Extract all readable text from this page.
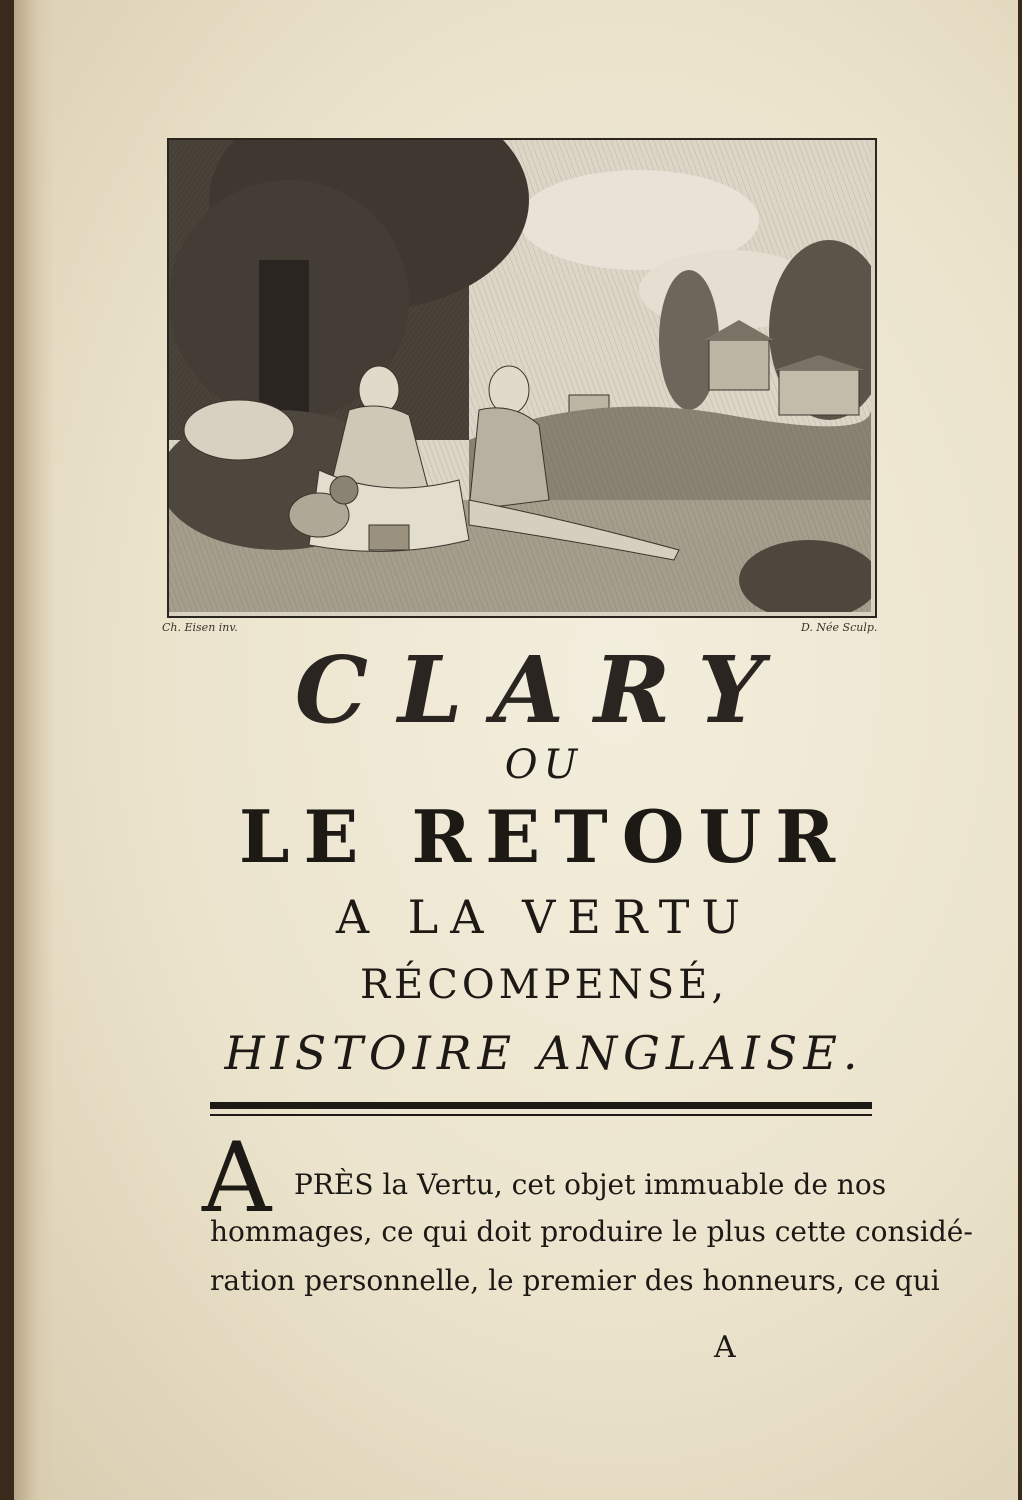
Ch. Eisen inv.	D. Née Sculp.
CLARY
OU
LE RETOUR
A LA VERTU
RÉCOMPENSÉ,
HISTOIRE ANGLAISE.
A PRÈS la Vertu, cet objet immuable de nos
hommages, ce qui doit produire le plus cette considé-
ration personnelle, le premier des honneurs, ce qui
A
